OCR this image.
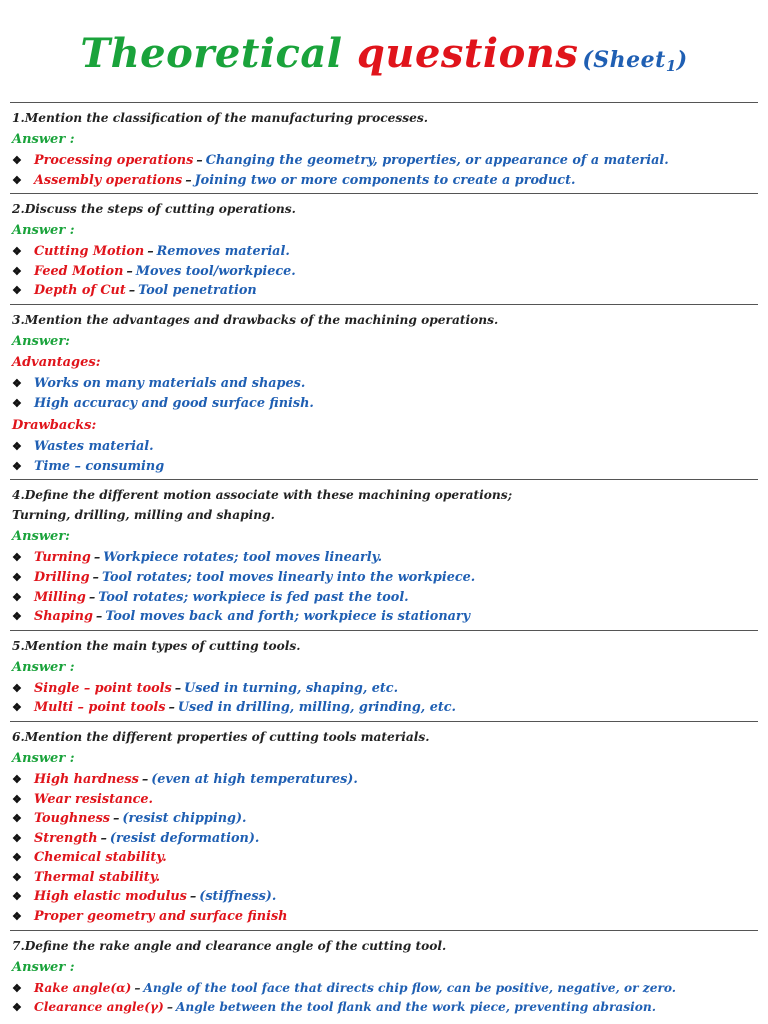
Theoretical questions (Sheet$_1$)
1.Mention the classification of the manufacturing processes.
Answer :
❖ Processing operations – Changing the geometry, properties, or appearance of a material.
❖ Assembly operations – Joining two or more components to create a product.
2.Discuss the steps of cutting operations.
Answer :
❖ Cutting Motion – Removes material.
❖ Feed Motion – Moves tool/workpiece.
❖ Depth of Cut – Tool penetration
3.Mention the advantages and drawbacks of the machining operations.
Answer:
Advantages:
❖ Works on many materials and shapes.
❖ High accuracy and good surface finish.
Drawbacks:
❖ Wastes material.
❖ Time – consuming
4.Define the different motion associate with these machining operations;
Turning, drilling, milling and shaping.
Answer:
❖ Turning – Workpiece rotates; tool moves linearly.
❖ Drilling – Tool rotates; tool moves linearly into the workpiece.
❖ Milling – Tool rotates; workpiece is fed past the tool.
❖ Shaping – Tool moves back and forth; workpiece is stationary
5.Mention the main types of cutting tools.
Answer :
❖ Single – point tools – Used in turning, shaping, etc.
❖ Multi – point tools – Used in drilling, milling, grinding, etc.
6.Mention the different properties of cutting tools materials.
Answer :
❖ High hardness – (even at high temperatures).
❖ Wear resistance.
❖ Toughness – (resist chipping).
❖ Strength – (resist deformation).
❖ Chemical stability.
❖ Thermal stability.
❖ High elastic modulus – (stiffness).
❖ Proper geometry and surface finish
7.Define the rake angle and clearance angle of the cutting tool.
Answer :
❖ Rake angle(α) – Angle of the tool face that directs chip flow, can be positive, negative, or zero.
❖ Clearance angle(γ) – Angle between the tool flank and the work piece, preventing abrasion.
